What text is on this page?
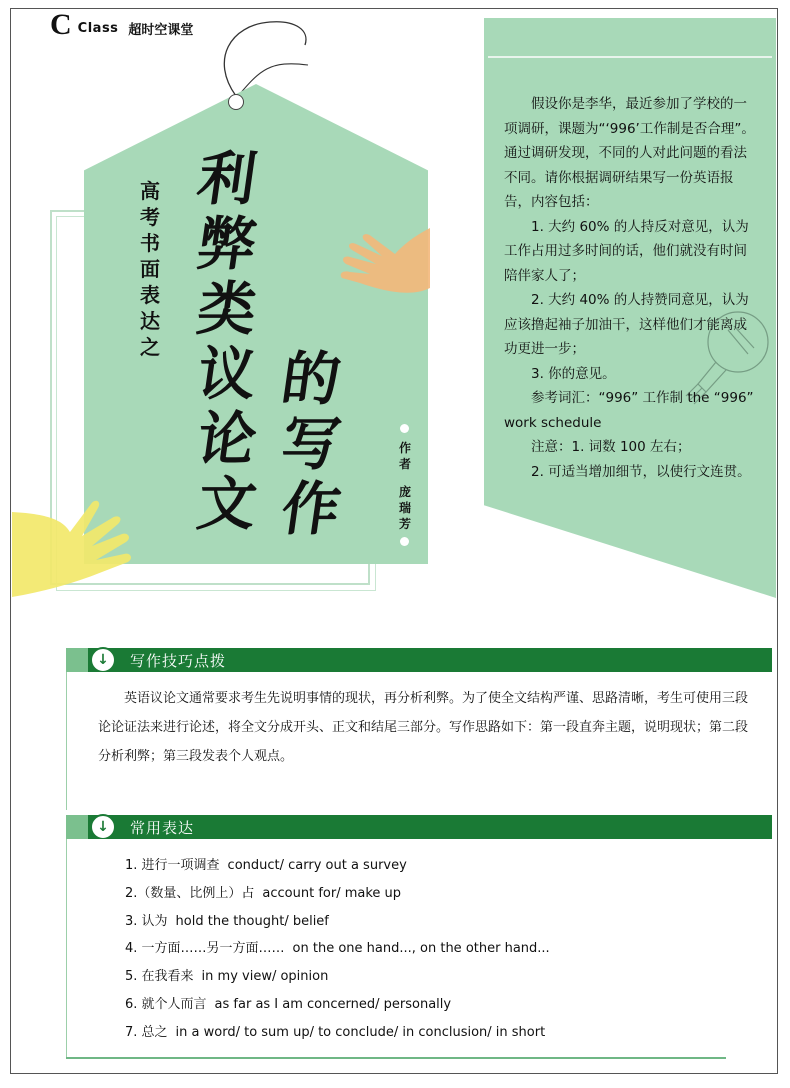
C Class 超时空课堂
高
考
书
面
表
达
之
利
弊
类
议
论
文
的
写
作
作者
庞瑞芳

假设你是李华，最近参加了学校的一项调研，课题为“‘996’工作制是否合理”。通过调研发现，不同的人对此问题的看法不同。请你根据调研结果写一份英语报告，内容包括：

1. 大约 60% 的人持反对意见，认为工作占用过多时间的话，他们就没有时间陪伴家人了；

2. 大约 40% 的人持赞同意见，认为应该撸起袖子加油干，这样他们才能离成功更进一步；

3. 你的意见。

参考词汇：“996” 工作制 the “996” work schedule

注意：1. 词数 100 左右；

2. 可适当增加细节，以使行文连贯。

↓	写作技巧点拨

英语议论文通常要求考生先说明事情的现状，再分析利弊。为了使全文结构严谨、思路清晰，考生可使用三段论论证法来进行论述，将全文分成开头、正文和结尾三部分。写作思路如下：第一段直奔主题，说明现状；第二段分析利弊；第三段发表个人观点。

↓	常用表达
1. 进行一项调查 conduct/ carry out a survey
2.（数量、比例上）占 account for/ make up
3. 认为 hold the thought/ belief
4. 一方面……另一方面…… on the one hand..., on the other hand...
5. 在我看来 in my view/ opinion
6. 就个人而言 as far as I am concerned/ personally
7. 总之 in a word/ to sum up/ to conclude/ in conclusion/ in short
